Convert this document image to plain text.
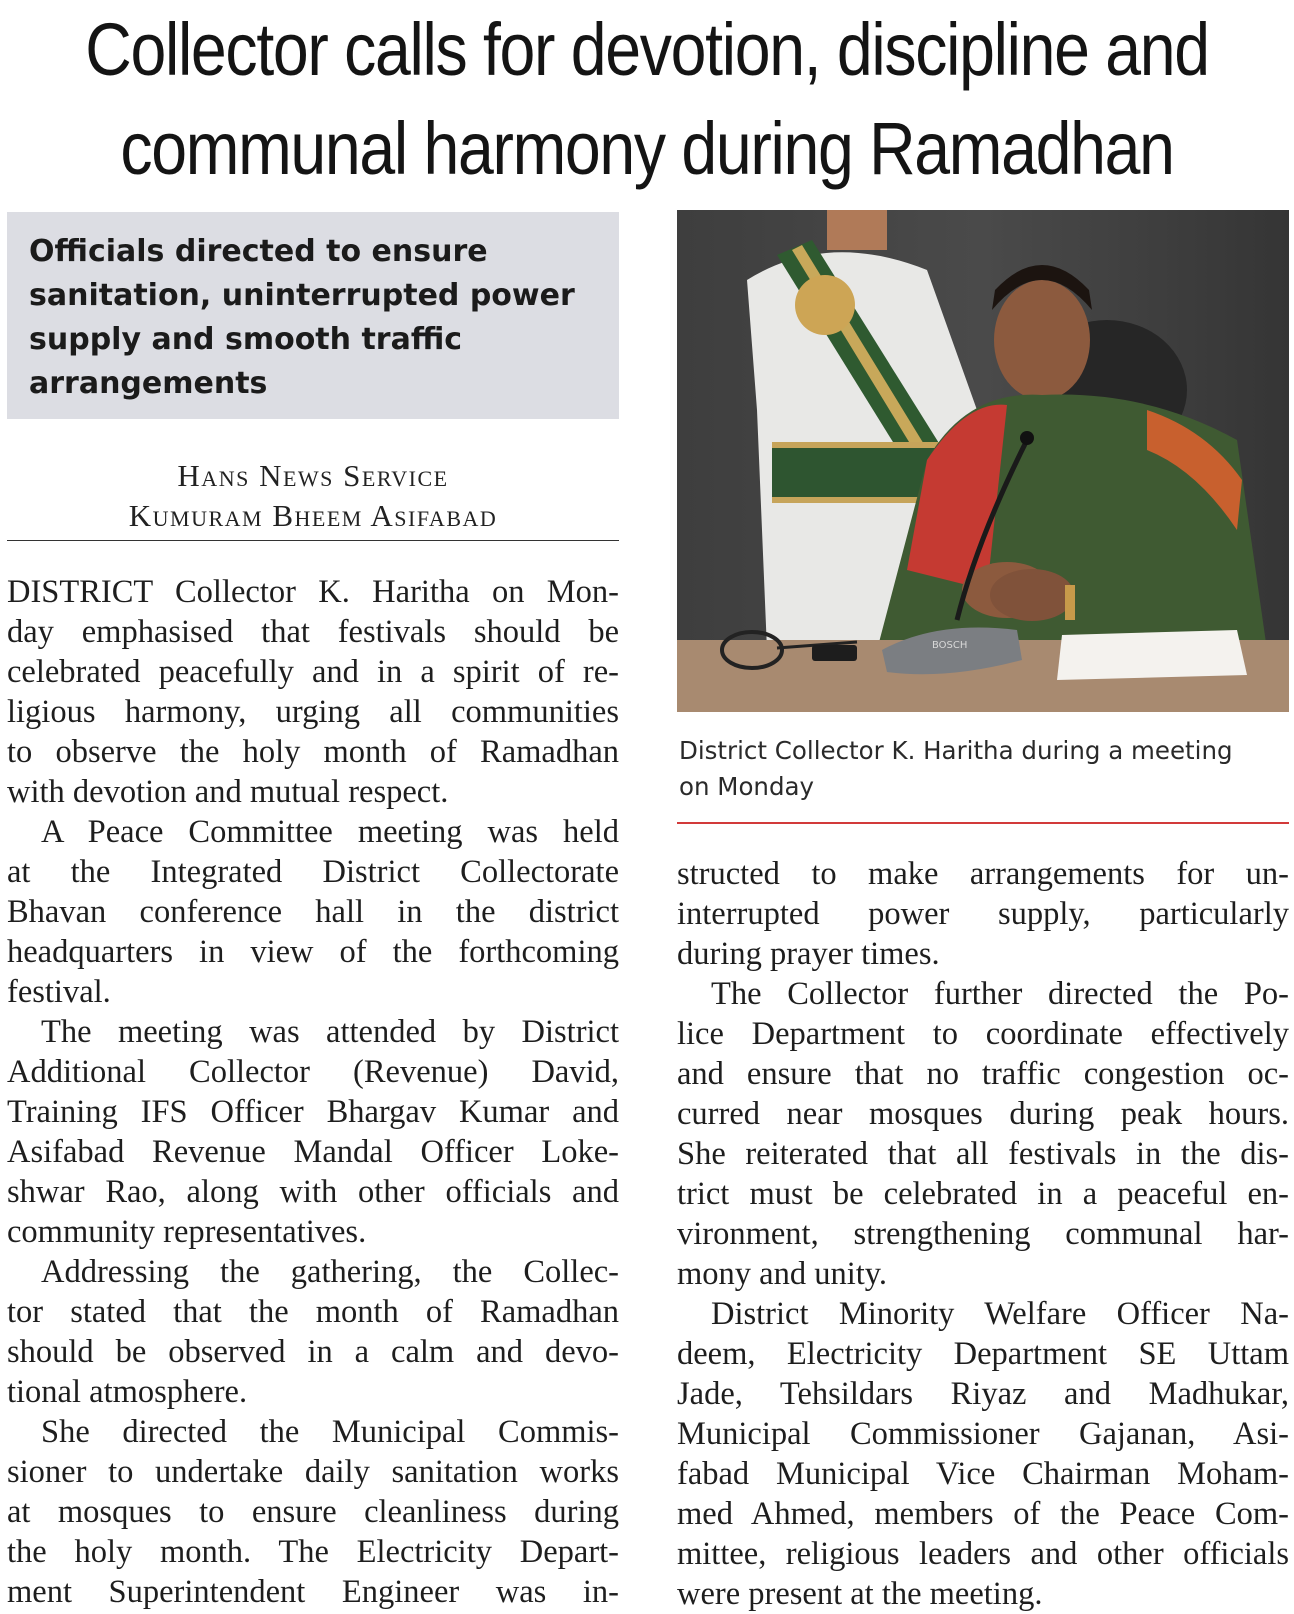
Collector calls for devotion, discipline and
communal harmony during Ramadhan
Officials directed to ensure
sanitation, uninterrupted power
supply and smooth traffic
arrangements
Hans News Service
Kumuram Bheem Asifabad
DISTRICT Collector K. Haritha on Mon-
day emphasised that festivals should be
celebrated peacefully and in a spirit of re-
ligious harmony, urging all communities
to observe the holy month of Ramadhan
with devotion and mutual respect.
A Peace Committee meeting was held
at the Integrated District Collectorate
Bhavan conference hall in the district
headquarters in view of the forthcoming
festival.
The meeting was attended by District
Additional Collector (Revenue) David,
Training IFS Officer Bhargav Kumar and
Asifabad Revenue Mandal Officer Loke-
shwar Rao, along with other officials and
community representatives.
Addressing the gathering, the Collec-
tor stated that the month of Ramadhan
should be observed in a calm and devo-
tional atmosphere.
She directed the Municipal Commis-
sioner to undertake daily sanitation works
at mosques to ensure cleanliness during
the holy month. The Electricity Depart-
ment Superintendent Engineer was in-
BOSCH
District Collector K. Haritha during a meeting
on Monday
structed to make arrangements for un-
interrupted power supply, particularly
during prayer times.
The Collector further directed the Po-
lice Department to coordinate effectively
and ensure that no traffic congestion oc-
curred near mosques during peak hours.
She reiterated that all festivals in the dis-
trict must be celebrated in a peaceful en-
vironment, strengthening communal har-
mony and unity.
District Minority Welfare Officer Na-
deem, Electricity Department SE Uttam
Jade, Tehsildars Riyaz and Madhukar,
Municipal Commissioner Gajanan, Asi-
fabad Municipal Vice Chairman Moham-
med Ahmed, members of the Peace Com-
mittee, religious leaders and other officials
were present at the meeting.
